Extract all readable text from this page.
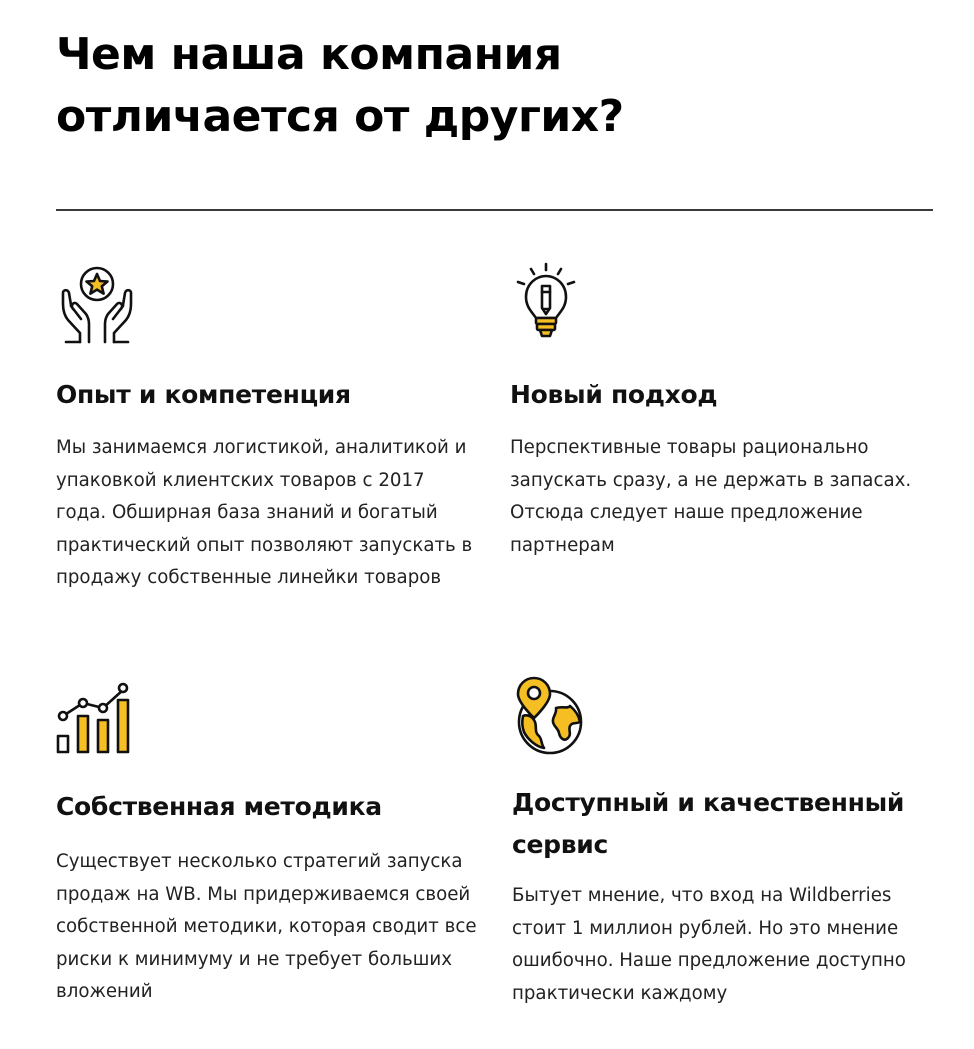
Чем наша компания отличается от других?
Опыт и компетенция

Мы занимаемся логистикой, аналитикой и упаковкой клиентских товаров с 2017 года. Обширная база знаний и богатый практический опыт позволяют запускать в продажу собственные линейки товаров

Новый подход

Перспективные товары рационально запускать сразу, а не держать в запасах. Отсюда следует наше предложение партнерам

Собственная методика

Существует несколько стратегий запуска продаж на WB. Мы придерживаемся своей собственной методики, которая сводит все риски к минимуму и не требует больших вложений

Доступный и качественный сервис

Бытует мнение, что вход на Wildberries стоит 1 миллион рублей. Но это мнение ошибочно. Наше предложение доступно практически каждому
